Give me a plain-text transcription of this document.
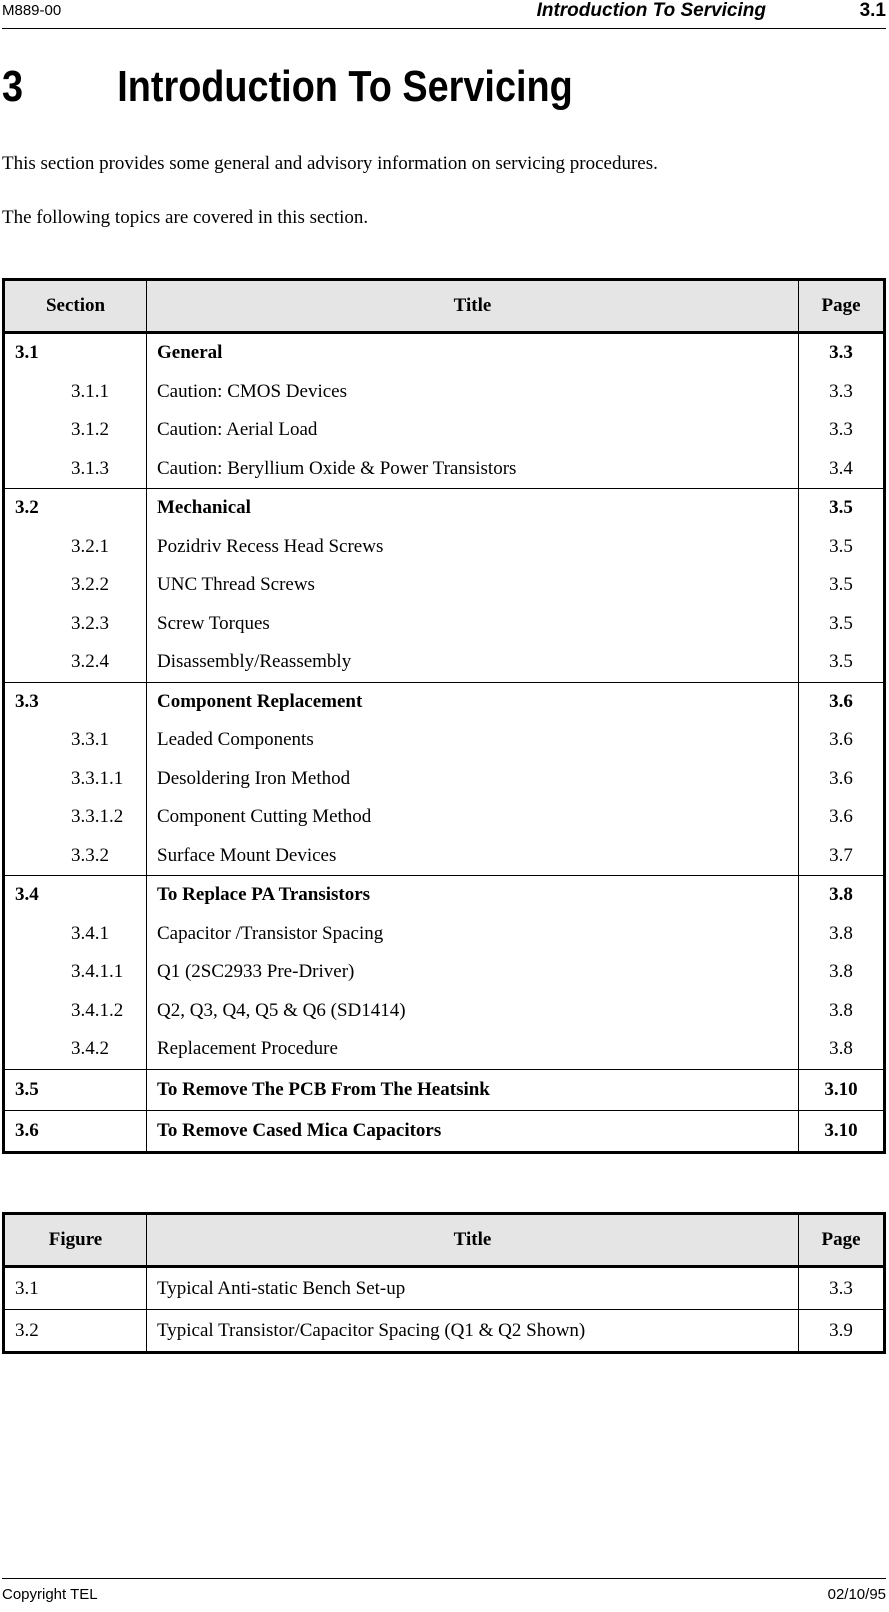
M889-00	Introduction To Servicing	3.1
3 Introduction To Servicing
This section provides some general and advisory information on servicing procedures.
The following topics are covered in this section.
Section	Title	Page
3.1	General	3.3
3.1.1	Caution: CMOS Devices	3.3
3.1.2	Caution: Aerial Load	3.3
3.1.3	Caution: Beryllium Oxide & Power Transistors	3.4
3.2	Mechanical	3.5
3.2.1	Pozidriv Recess Head Screws	3.5
3.2.2	UNC Thread Screws	3.5
3.2.3	Screw Torques	3.5
3.2.4	Disassembly/Reassembly	3.5
3.3	Component Replacement	3.6
3.3.1	Leaded Components	3.6
3.3.1.1	Desoldering Iron Method	3.6
3.3.1.2	Component Cutting Method	3.6
3.3.2	Surface Mount Devices	3.7
3.4	To Replace PA Transistors	3.8
3.4.1	Capacitor /Transistor Spacing	3.8
3.4.1.1	Q1 (2SC2933 Pre-Driver)	3.8
3.4.1.2	Q2, Q3, Q4, Q5 & Q6 (SD1414)	3.8
3.4.2	Replacement Procedure	3.8
3.5	To Remove The PCB From The Heatsink	3.10
3.6	To Remove Cased Mica Capacitors	3.10
Figure	Title	Page
3.1	Typical Anti-static Bench Set-up	3.3
3.2	Typical Transistor/Capacitor Spacing (Q1 & Q2 Shown)	3.9
Copyright TEL	02/10/95
